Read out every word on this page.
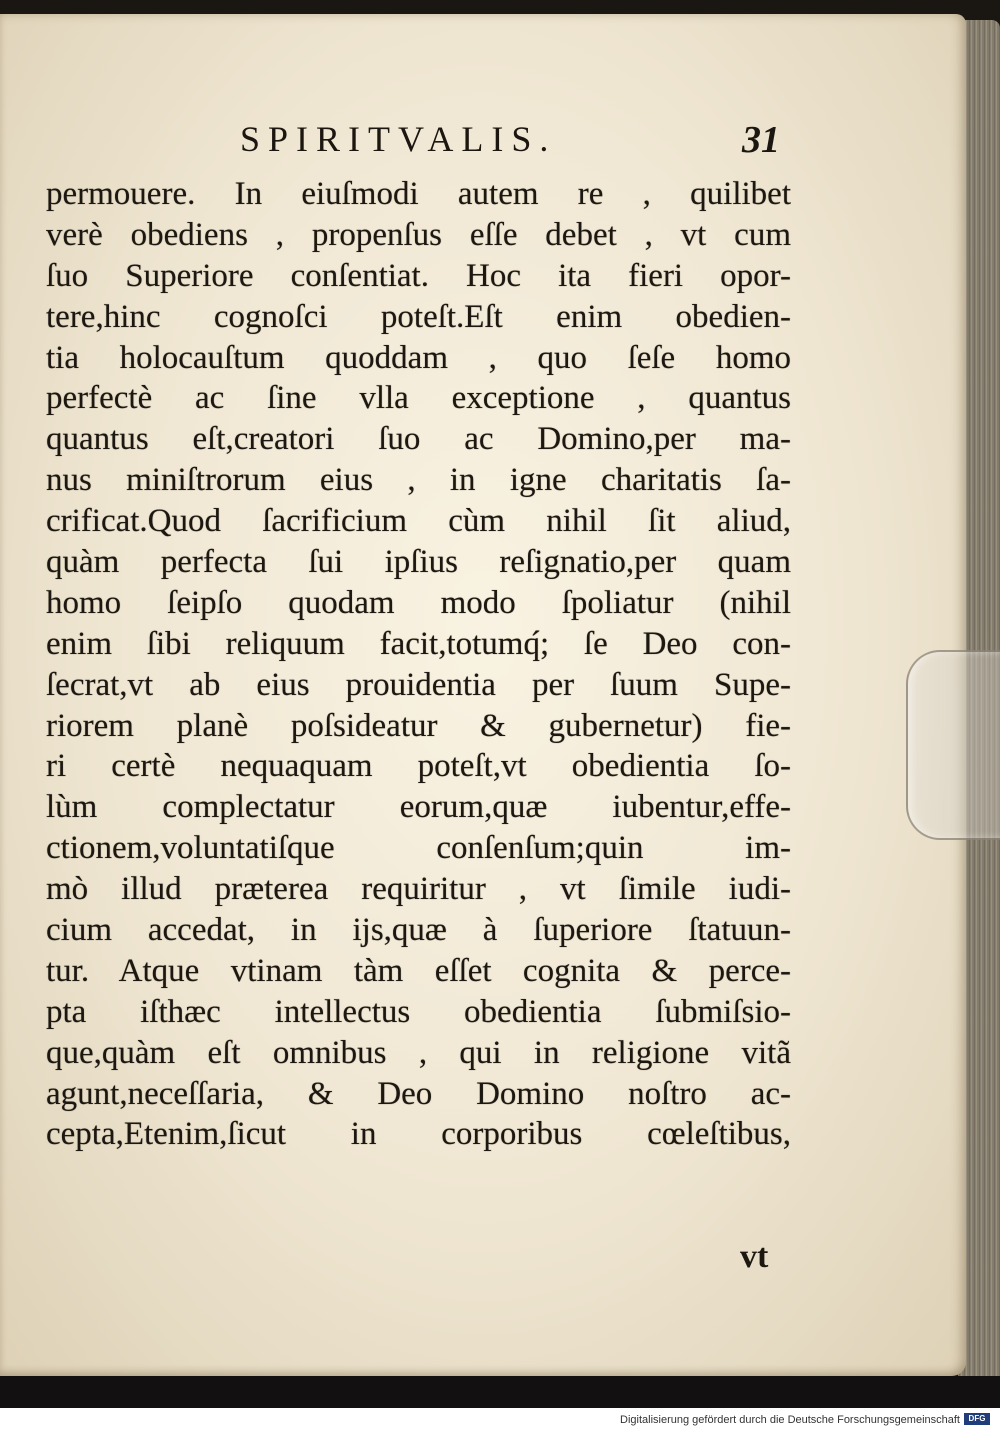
SPIRITVALIS.	31
permouere. In eiuſmodi autem re , quilibet
verè obediens , propenſus eſſe debet , vt cum
ſuo Superiore conſentiat. Hoc ita fieri opor-
tere,hinc cognoſci poteſt.Eſt enim obedien-
tia holocauſtum quoddam , quo ſeſe homo
perfectè ac ſine vlla exceptione , quantus
quantus eſt,creatori ſuo ac Domino,per ma-
nus miniſtrorum eius , in igne charitatis ſa-
crificat.Quod ſacrificium cùm nihil ſit aliud,
quàm perfecta ſui ipſius reſignatio,per quam
homo ſeipſo quodam modo ſpoliatur (nihil
enim ſibi reliquum facit,totumq́; ſe Deo con-
ſecrat,vt ab eius prouidentia per ſuum Supe-
riorem planè poſsideatur & gubernetur) fie-
ri certè nequaquam poteſt,vt obedientia ſo-
lùm complectatur eorum,quæ iubentur,effe-
ctionem,voluntatiſque conſenſum;quin im-
mò illud præterea requiritur , vt ſimile iudi-
cium accedat, in ijs,quæ à ſuperiore ſtatuun-
tur. Atque vtinam tàm eſſet cognita & perce-
pta iſthæc intellectus obedientia ſubmiſsio-
que,quàm eſt omnibus , qui in religione vitã
agunt,neceſſaria, & Deo Domino noſtro ac-
cepta,Etenim,ſicut in corporibus cœleſtibus,
vt
Digitalisierung gefördert durch die Deutsche Forschungsgemeinschaft	DFG
